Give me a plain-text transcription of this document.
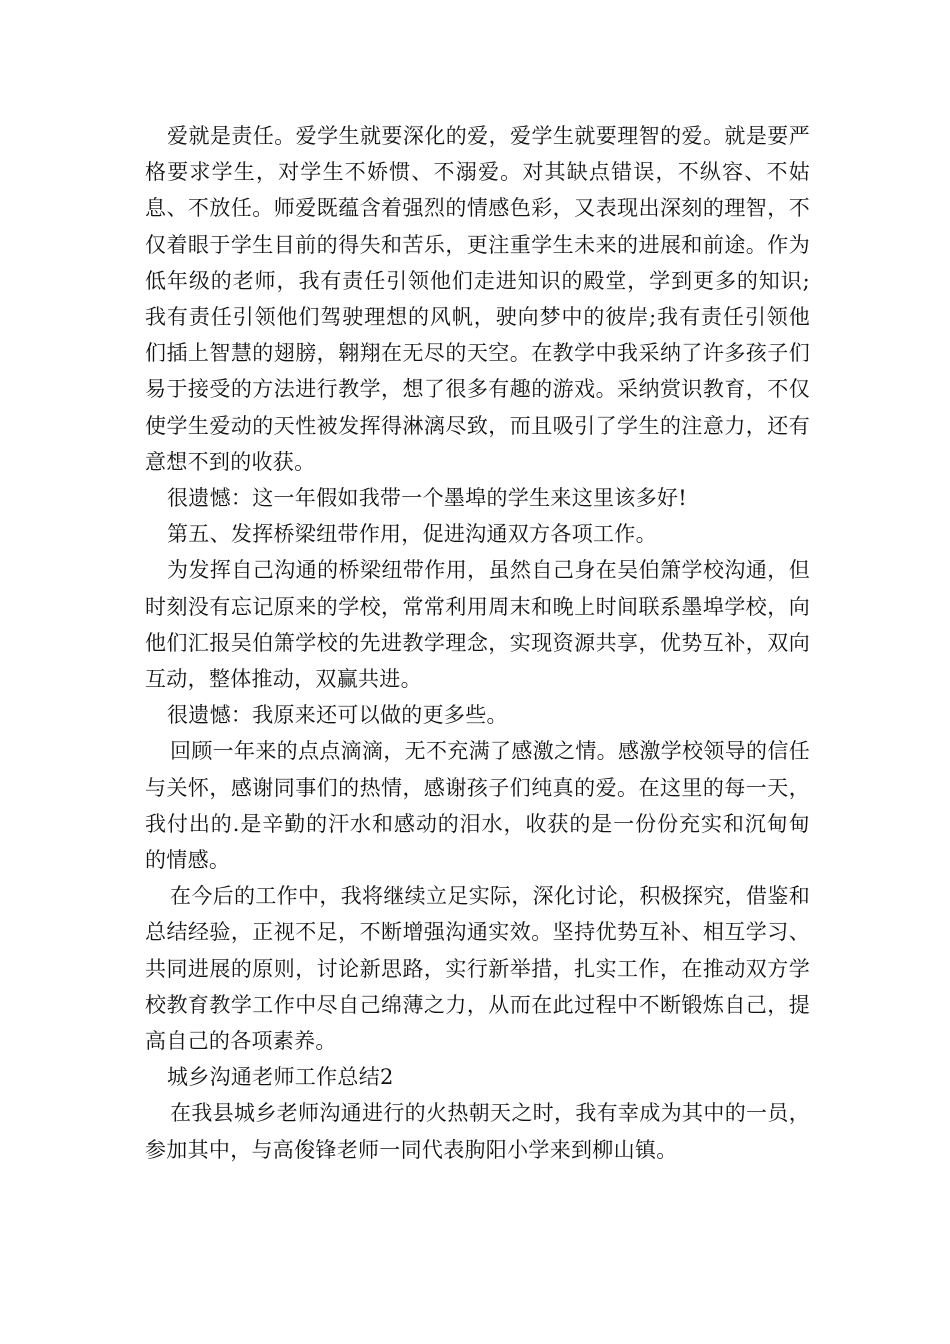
爱就是责任。爱学生就要深化的爱，爱学生就要理智的爱。就是要严格要求学生，对学生不娇惯、不溺爱。对其缺点错误，不纵容、不姑息、不放任。师爱既蕴含着强烈的情感色彩，又表现出深刻的理智，不仅着眼于学生目前的得失和苦乐，更注重学生未来的进展和前途。作为低年级的老师，我有责任引领他们走进知识的殿堂，学到更多的知识;我有责任引领他们驾驶理想的风帆，驶向梦中的彼岸;我有责任引领他们插上智慧的翅膀，翱翔在无尽的天空。在教学中我采纳了许多孩子们易于接受的方法进行教学，想了很多有趣的游戏。采纳赏识教育，不仅使学生爱动的天性被发挥得淋漓尽致，而且吸引了学生的注意力，还有意想不到的收获。

很遗憾：这一年假如我带一个墨埠的学生来这里该多好!

第五、发挥桥梁纽带作用，促进沟通双方各项工作。

为发挥自己沟通的桥梁纽带作用，虽然自己身在吴伯箫学校沟通，但时刻没有忘记原来的学校，常常利用周末和晚上时间联系墨埠学校，向他们汇报吴伯箫学校的先进教学理念，实现资源共享，优势互补，双向互动，整体推动，双赢共进。

很遗憾：我原来还可以做的更多些。

回顾一年来的点点滴滴，无不充满了感激之情。感激学校领导的信任与关怀，感谢同事们的热情，感谢孩子们纯真的爱。在这里的每一天，我付出的.是辛勤的汗水和感动的泪水，收获的是一份份充实和沉甸甸的情感。

在今后的工作中，我将继续立足实际，深化讨论，积极探究，借鉴和总结经验，正视不足，不断增强沟通实效。坚持优势互补、相互学习、共同进展的原则，讨论新思路，实行新举措，扎实工作，在推动双方学校教育教学工作中尽自己绵薄之力，从而在此过程中不断锻炼自己，提高自己的各项素养。

城乡沟通老师工作总结2

在我县城乡老师沟通进行的火热朝天之时，我有幸成为其中的一员，参加其中，与高俊锋老师一同代表朐阳小学来到柳山镇。
